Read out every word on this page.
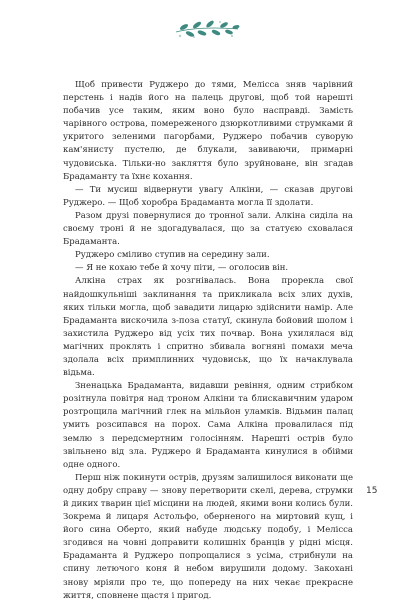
Щоб привести Руджеро до тями, Мелісса зняв чарівний перстень і надів його на палець другові, щоб той нарешті побачив усе таким, яким воно було насправді. Замість чарівного острова, помереженого дзюркотливими струмками й укритого зеленими пагорбами, Руджеро побачив суворую кам'янисту пустелю, де блукали, завиваючи, примарні чудовиська. Тільки-но закляття було зруйноване, він згадав Брадаманту та їхнє кохання.

— Ти мусиш відвернути увагу Алкіни, — сказав другові Руджеро. — Щоб хоробра Брадаманта могла її здолати.

Разом друзі повернулися до тронної зали. Алкіна сиділа на своєму троні й не здогадувалася, що за статуєю сховалася Брадаманта.

Руджеро сміливо ступив на середину зали.

— Я не кохаю тебе й хочу піти, — оголосив він.

Алкіна страх як розгнівалась. Вона прорекла свої найдошкульніші заклинання та прикликала всіх злих духів, яких тільки могла, щоб завадити лицарю здійснити намір. Але Брадаманта вискочила з-поза статуї, скинула бойовий шолом і захистила Руджеро від усіх тих почвар. Вона ухилялася від магічних проклять і спритно збивала вогнянi помахи меча здолала всіх примплинних чудовиськ, що їх начаклувала відьма.

Зненацька Брадаманта, видавши ревіння, одним стрибком розітнула повітря над троном Алкіни та блискавичним ударом розтрощила магічний глек на мільйон уламків. Відьмин палац умить розсипався на порох. Сама Алкіна провалилася під землю з передсмертним голосінням. Нарешті острів було звільнено від зла. Руджеро й Брадаманта кинулися в обійми одне одного.

Перш ніж покинути острів, друзям залишилося виконати ще одну добру справу — знову перетворити скелі, дерева, струмки й диких тварин цієї місцини на людей, якими вони колись були. Зокрема й лицаря Астольфо, оберненого на миртовий кущ, і його сина Оберто, який набуде людську подобу, і Мелісса згодився на човні доправити колишніх бранців у рідні місця. Брадаманта й Руджеро попрощалися з усіма, стрибнули на спину летючого коня й небом вирушили додому. Закохані знову мріяли про те, що попереду на них чекає прекрасне життя, сповнене щастя і пригод.

15
